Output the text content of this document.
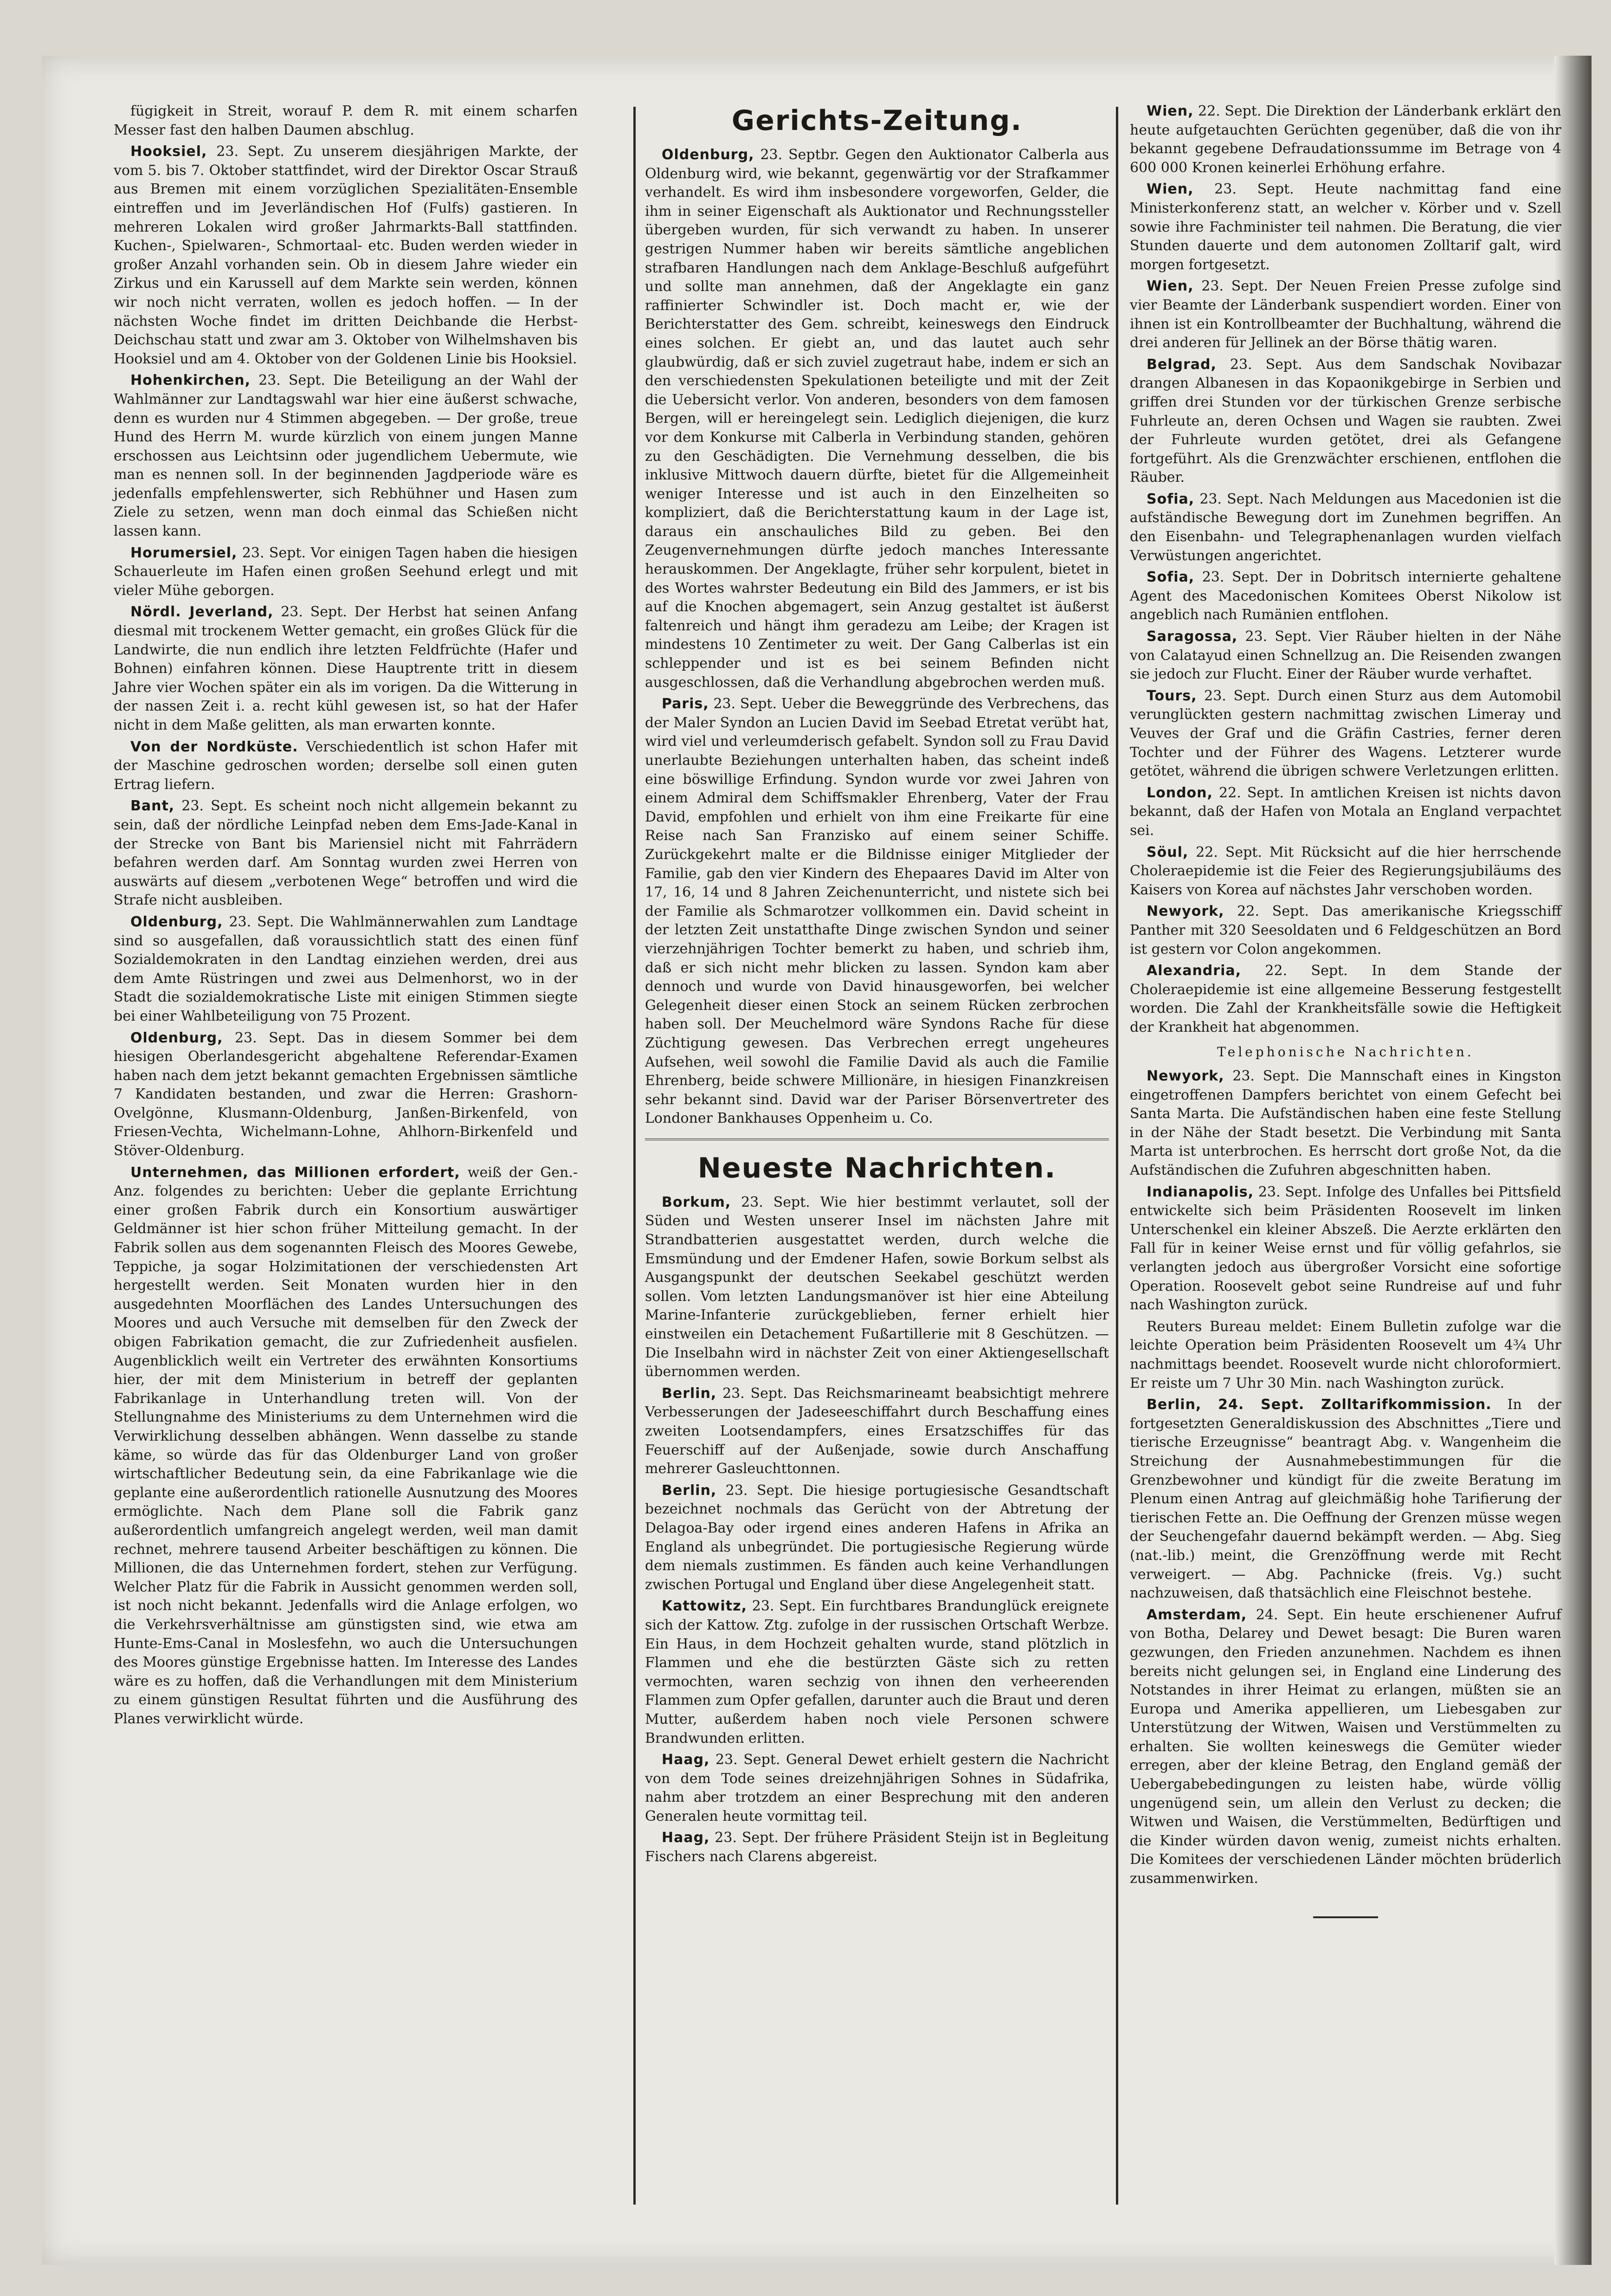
fügigkeit in Streit, worauf P. dem R. mit einem scharfen Messer fast den halben Daumen abschlug.

Hooksiel, 23. Sept. Zu unserem diesjährigen Markte, der vom 5. bis 7. Oktober stattfindet, wird der Direktor Oscar Strauß aus Bremen mit einem vorzüglichen Spezialitäten-Ensemble eintreffen und im Jeverländischen Hof (Fulfs) gastieren. In mehreren Lokalen wird großer Jahrmarkts-Ball stattfinden. Kuchen-, Spielwaren-, Schmortaal- etc. Buden werden wieder in großer Anzahl vorhanden sein. Ob in diesem Jahre wieder ein Zirkus und ein Karussell auf dem Markte sein werden, können wir noch nicht verraten, wollen es jedoch hoffen. — In der nächsten Woche findet im dritten Deichbande die Herbst-Deichschau statt und zwar am 3. Oktober von Wilhelmshaven bis Hooksiel und am 4. Oktober von der Goldenen Linie bis Hooksiel.

Hohenkirchen, 23. Sept. Die Beteiligung an der Wahl der Wahlmänner zur Landtagswahl war hier eine äußerst schwache, denn es wurden nur 4 Stimmen abgegeben. — Der große, treue Hund des Herrn M. wurde kürzlich von einem jungen Manne erschossen aus Leichtsinn oder jugendlichem Uebermute, wie man es nennen soll. In der beginnenden Jagdperiode wäre es jedenfalls empfehlenswerter, sich Rebhühner und Hasen zum Ziele zu setzen, wenn man doch einmal das Schießen nicht lassen kann.

Horumersiel, 23. Sept. Vor einigen Tagen haben die hiesigen Schauerleute im Hafen einen großen Seehund erlegt und mit vieler Mühe geborgen.

Nördl. Jeverland, 23. Sept. Der Herbst hat seinen Anfang diesmal mit trockenem Wetter gemacht, ein großes Glück für die Landwirte, die nun endlich ihre letzten Feldfrüchte (Hafer und Bohnen) einfahren können. Diese Hauptrente tritt in diesem Jahre vier Wochen später ein als im vorigen. Da die Witterung in der nassen Zeit i. a. recht kühl gewesen ist, so hat der Hafer nicht in dem Maße gelitten, als man erwarten konnte.

Von der Nordküste. Verschiedentlich ist schon Hafer mit der Maschine gedroschen worden; derselbe soll einen guten Ertrag liefern.

Bant, 23. Sept. Es scheint noch nicht allgemein bekannt zu sein, daß der nördliche Leinpfad neben dem Ems-Jade-Kanal in der Strecke von Bant bis Mariensiel nicht mit Fahrrädern befahren werden darf. Am Sonntag wurden zwei Herren von auswärts auf diesem „verbotenen Wege“ betroffen und wird die Strafe nicht ausbleiben.

Oldenburg, 23. Sept. Die Wahlmännerwahlen zum Landtage sind so ausgefallen, daß voraussichtlich statt des einen fünf Sozialdemokraten in den Landtag einziehen werden, drei aus dem Amte Rüstringen und zwei aus Delmenhorst, wo in der Stadt die sozialdemokratische Liste mit einigen Stimmen siegte bei einer Wahlbeteiligung von 75 Prozent.

Oldenburg, 23. Sept. Das in diesem Sommer bei dem hiesigen Oberlandesgericht abgehaltene Referendar-Examen haben nach dem jetzt bekannt gemachten Ergebnissen sämtliche 7 Kandidaten bestanden, und zwar die Herren: Grashorn-Ovelgönne, Klusmann-Oldenburg, Janßen-Birkenfeld, von Friesen-Vechta, Wichelmann-Lohne, Ahlhorn-Birkenfeld und Stöver-Oldenburg.

Unternehmen, das Millionen erfordert, weiß der Gen.-Anz. folgendes zu berichten: Ueber die geplante Errichtung einer großen Fabrik durch ein Konsortium auswärtiger Geldmänner ist hier schon früher Mitteilung gemacht. In der Fabrik sollen aus dem sogenannten Fleisch des Moores Gewebe, Teppiche, ja sogar Holzimitationen der verschiedensten Art hergestellt werden. Seit Monaten wurden hier in den ausgedehnten Moorflächen des Landes Untersuchungen des Moores und auch Versuche mit demselben für den Zweck der obigen Fabrikation gemacht, die zur Zufriedenheit ausfielen. Augenblicklich weilt ein Vertreter des erwähnten Konsortiums hier, der mit dem Ministerium in betreff der geplanten Fabrikanlage in Unterhandlung treten will. Von der Stellungnahme des Ministeriums zu dem Unternehmen wird die Verwirklichung desselben abhängen. Wenn dasselbe zu stande käme, so würde das für das Oldenburger Land von großer wirtschaftlicher Bedeutung sein, da eine Fabrikanlage wie die geplante eine außerordentlich rationelle Ausnutzung des Moores ermöglichte. Nach dem Plane soll die Fabrik ganz außerordentlich umfangreich angelegt werden, weil man damit rechnet, mehrere tausend Arbeiter beschäftigen zu können. Die Millionen, die das Unternehmen fordert, stehen zur Verfügung. Welcher Platz für die Fabrik in Aussicht genommen werden soll, ist noch nicht bekannt. Jedenfalls wird die Anlage erfolgen, wo die Verkehrsverhältnisse am günstigsten sind, wie etwa am Hunte-Ems-Canal in Moslesfehn, wo auch die Untersuchungen des Moores günstige Ergebnisse hatten. Im Interesse des Landes wäre es zu hoffen, daß die Verhandlungen mit dem Ministerium zu einem günstigen Resultat führten und die Ausführung des Planes verwirklicht würde.

Gerichts-Zeitung.

Oldenburg, 23. Septbr. Gegen den Auktionator Calberla aus Oldenburg wird, wie bekannt, gegenwärtig vor der Strafkammer verhandelt. Es wird ihm insbesondere vorgeworfen, Gelder, die ihm in seiner Eigenschaft als Auktionator und Rechnungssteller übergeben wurden, für sich verwandt zu haben. In unserer gestrigen Nummer haben wir bereits sämtliche angeblichen strafbaren Handlungen nach dem Anklage-Beschluß aufgeführt und sollte man annehmen, daß der Angeklagte ein ganz raffinierter Schwindler ist. Doch macht er, wie der Berichterstatter des Gem. schreibt, keineswegs den Eindruck eines solchen. Er giebt an, und das lautet auch sehr glaubwürdig, daß er sich zuviel zugetraut habe, indem er sich an den verschiedensten Spekulationen beteiligte und mit der Zeit die Uebersicht verlor. Von anderen, besonders von dem famosen Bergen, will er hereingelegt sein. Lediglich diejenigen, die kurz vor dem Konkurse mit Calberla in Verbindung standen, gehören zu den Geschädigten. Die Vernehmung desselben, die bis inklusive Mittwoch dauern dürfte, bietet für die Allgemeinheit weniger Interesse und ist auch in den Einzelheiten so kompliziert, daß die Berichterstattung kaum in der Lage ist, daraus ein anschauliches Bild zu geben. Bei den Zeugenvernehmungen dürfte jedoch manches Interessante herauskommen. Der Angeklagte, früher sehr korpulent, bietet in des Wortes wahrster Bedeutung ein Bild des Jammers, er ist bis auf die Knochen abgemagert, sein Anzug gestaltet ist äußerst faltenreich und hängt ihm geradezu am Leibe; der Kragen ist mindestens 10 Zentimeter zu weit. Der Gang Calberlas ist ein schleppender und ist es bei seinem Befinden nicht ausgeschlossen, daß die Verhandlung abgebrochen werden muß.

Paris, 23. Sept. Ueber die Beweggründe des Verbrechens, das der Maler Syndon an Lucien David im Seebad Etretat verübt hat, wird viel und verleumderisch gefabelt. Syndon soll zu Frau David unerlaubte Beziehungen unterhalten haben, das scheint indeß eine böswillige Erfindung. Syndon wurde vor zwei Jahren von einem Admiral dem Schiffsmakler Ehrenberg, Vater der Frau David, empfohlen und erhielt von ihm eine Freikarte für eine Reise nach San Franzisko auf einem seiner Schiffe. Zurückgekehrt malte er die Bildnisse einiger Mitglieder der Familie, gab den vier Kindern des Ehepaares David im Alter von 17, 16, 14 und 8 Jahren Zeichenunterricht, und nistete sich bei der Familie als Schmarotzer vollkommen ein. David scheint in der letzten Zeit unstatthafte Dinge zwischen Syndon und seiner vierzehnjährigen Tochter bemerkt zu haben, und schrieb ihm, daß er sich nicht mehr blicken zu lassen. Syndon kam aber dennoch und wurde von David hinausgeworfen, bei welcher Gelegenheit dieser einen Stock an seinem Rücken zerbrochen haben soll. Der Meuchelmord wäre Syndons Rache für diese Züchtigung gewesen. Das Verbrechen erregt ungeheures Aufsehen, weil sowohl die Familie David als auch die Familie Ehrenberg, beide schwere Millionäre, in hiesigen Finanzkreisen sehr bekannt sind. David war der Pariser Börsenvertreter des Londoner Bankhauses Oppenheim u. Co.

Neueste Nachrichten.

Borkum, 23. Sept. Wie hier bestimmt verlautet, soll der Süden und Westen unserer Insel im nächsten Jahre mit Strandbatterien ausgestattet werden, durch welche die Emsmündung und der Emdener Hafen, sowie Borkum selbst als Ausgangspunkt der deutschen Seekabel geschützt werden sollen. Vom letzten Landungsmanöver ist hier eine Abteilung Marine-Infanterie zurückgeblieben, ferner erhielt hier einstweilen ein Detachement Fußartillerie mit 8 Geschützen. — Die Inselbahn wird in nächster Zeit von einer Aktiengesellschaft übernommen werden.

Berlin, 23. Sept. Das Reichsmarineamt beabsichtigt mehrere Verbesserungen der Jadeseeschiffahrt durch Beschaffung eines zweiten Lootsendampfers, eines Ersatzschiffes für das Feuerschiff auf der Außenjade, sowie durch Anschaffung mehrerer Gasleuchttonnen.

Berlin, 23. Sept. Die hiesige portugiesische Gesandtschaft bezeichnet nochmals das Gerücht von der Abtretung der Delagoa-Bay oder irgend eines anderen Hafens in Afrika an England als unbegründet. Die portugiesische Regierung würde dem niemals zustimmen. Es fänden auch keine Verhandlungen zwischen Portugal und England über diese Angelegenheit statt.

Kattowitz, 23. Sept. Ein furchtbares Brandunglück ereignete sich der Kattow. Ztg. zufolge in der russischen Ortschaft Werbze. Ein Haus, in dem Hochzeit gehalten wurde, stand plötzlich in Flammen und ehe die bestürzten Gäste sich zu retten vermochten, waren sechzig von ihnen den verheerenden Flammen zum Opfer gefallen, darunter auch die Braut und deren Mutter, außerdem haben noch viele Personen schwere Brandwunden erlitten.

Haag, 23. Sept. General Dewet erhielt gestern die Nachricht von dem Tode seines dreizehnjährigen Sohnes in Südafrika, nahm aber trotzdem an einer Besprechung mit den anderen Generalen heute vormittag teil.

Haag, 23. Sept. Der frühere Präsident Steijn ist in Begleitung Fischers nach Clarens abgereist.

Wien, 22. Sept. Die Direktion der Länderbank erklärt den heute aufgetauchten Gerüchten gegenüber, daß die von ihr bekannt gegebene Defraudationssumme im Betrage von 4 600 000 Kronen keinerlei Erhöhung erfahre.

Wien, 23. Sept. Heute nachmittag fand eine Ministerkonferenz statt, an welcher v. Körber und v. Szell sowie ihre Fachminister teil nahmen. Die Beratung, die vier Stunden dauerte und dem autonomen Zolltarif galt, wird morgen fortgesetzt.

Wien, 23. Sept. Der Neuen Freien Presse zufolge sind vier Beamte der Länderbank suspendiert worden. Einer von ihnen ist ein Kontrollbeamter der Buchhaltung, während die drei anderen für Jellinek an der Börse thätig waren.

Belgrad, 23. Sept. Aus dem Sandschak Novibazar drangen Albanesen in das Kopaonikgebirge in Serbien und griffen drei Stunden vor der türkischen Grenze serbische Fuhrleute an, deren Ochsen und Wagen sie raubten. Zwei der Fuhrleute wurden getötet, drei als Gefangene fortgeführt. Als die Grenzwächter erschienen, entflohen die Räuber.

Sofia, 23. Sept. Nach Meldungen aus Macedonien ist die aufständische Bewegung dort im Zunehmen begriffen. An den Eisenbahn- und Telegraphenanlagen wurden vielfach Verwüstungen angerichtet.

Sofia, 23. Sept. Der in Dobritsch internierte gehaltene Agent des Macedonischen Komitees Oberst Nikolow ist angeblich nach Rumänien entflohen.

Saragossa, 23. Sept. Vier Räuber hielten in der Nähe von Calatayud einen Schnellzug an. Die Reisenden zwangen sie jedoch zur Flucht. Einer der Räuber wurde verhaftet.

Tours, 23. Sept. Durch einen Sturz aus dem Automobil verunglückten gestern nachmittag zwischen Limeray und Veuves der Graf und die Gräfin Castries, ferner deren Tochter und der Führer des Wagens. Letzterer wurde getötet, während die übrigen schwere Verletzungen erlitten.

London, 22. Sept. In amtlichen Kreisen ist nichts davon bekannt, daß der Hafen von Motala an England verpachtet sei.

Söul, 22. Sept. Mit Rücksicht auf die hier herrschende Choleraepidemie ist die Feier des Regierungsjubiläums des Kaisers von Korea auf nächstes Jahr verschoben worden.

Newyork, 22. Sept. Das amerikanische Kriegsschiff Panther mit 320 Seesoldaten und 6 Feldgeschützen an Bord ist gestern vor Colon angekommen.

Alexandria, 22. Sept. In dem Stande der Choleraepidemie ist eine allgemeine Besserung festgestellt worden. Die Zahl der Krankheitsfälle sowie die Heftigkeit der Krankheit hat abgenommen.

Telephonische Nachrichten.

Newyork, 23. Sept. Die Mannschaft eines in Kingston eingetroffenen Dampfers berichtet von einem Gefecht bei Santa Marta. Die Aufständischen haben eine feste Stellung in der Nähe der Stadt besetzt. Die Verbindung mit Santa Marta ist unterbrochen. Es herrscht dort große Not, da die Aufständischen die Zufuhren abgeschnitten haben.

Indianapolis, 23. Sept. Infolge des Unfalles bei Pittsfield entwickelte sich beim Präsidenten Roosevelt im linken Unterschenkel ein kleiner Abszeß. Die Aerzte erklärten den Fall für in keiner Weise ernst und für völlig gefahrlos, sie verlangten jedoch aus übergroßer Vorsicht eine sofortige Operation. Roosevelt gebot seine Rundreise auf und fuhr nach Washington zurück.

Reuters Bureau meldet: Einem Bulletin zufolge war die leichte Operation beim Präsidenten Roosevelt um 4¾ Uhr nachmittags beendet. Roosevelt wurde nicht chloroformiert. Er reiste um 7 Uhr 30 Min. nach Washington zurück.

Berlin, 24. Sept. Zolltarifkommission. In der fortgesetzten Generaldiskussion des Abschnittes „Tiere und tierische Erzeugnisse“ beantragt Abg. v. Wangenheim die Streichung der Ausnahmebestimmungen für die Grenzbewohner und kündigt für die zweite Beratung im Plenum einen Antrag auf gleichmäßig hohe Tarifierung der tierischen Fette an. Die Oeffnung der Grenzen müsse wegen der Seuchengefahr dauernd bekämpft werden. — Abg. Sieg (nat.-lib.) meint, die Grenzöffnung werde mit Recht verweigert. — Abg. Pachnicke (freis. Vg.) sucht nachzuweisen, daß thatsächlich eine Fleischnot bestehe.

Amsterdam, 24. Sept. Ein heute erschienener Aufruf von Botha, Delarey und Dewet besagt: Die Buren waren gezwungen, den Frieden anzunehmen. Nachdem es ihnen bereits nicht gelungen sei, in England eine Linderung des Notstandes in ihrer Heimat zu erlangen, müßten sie an Europa und Amerika appellieren, um Liebesgaben zur Unterstützung der Witwen, Waisen und Verstümmelten zu erhalten. Sie wollten keineswegs die Gemüter wieder erregen, aber der kleine Betrag, den England gemäß der Uebergabebedingungen zu leisten habe, würde völlig ungenügend sein, um allein den Verlust zu decken; die Witwen und Waisen, die Verstümmelten, Bedürftigen und die Kinder würden davon wenig, zumeist nichts erhalten. Die Komitees der verschiedenen Länder möchten brüderlich zusammenwirken.
